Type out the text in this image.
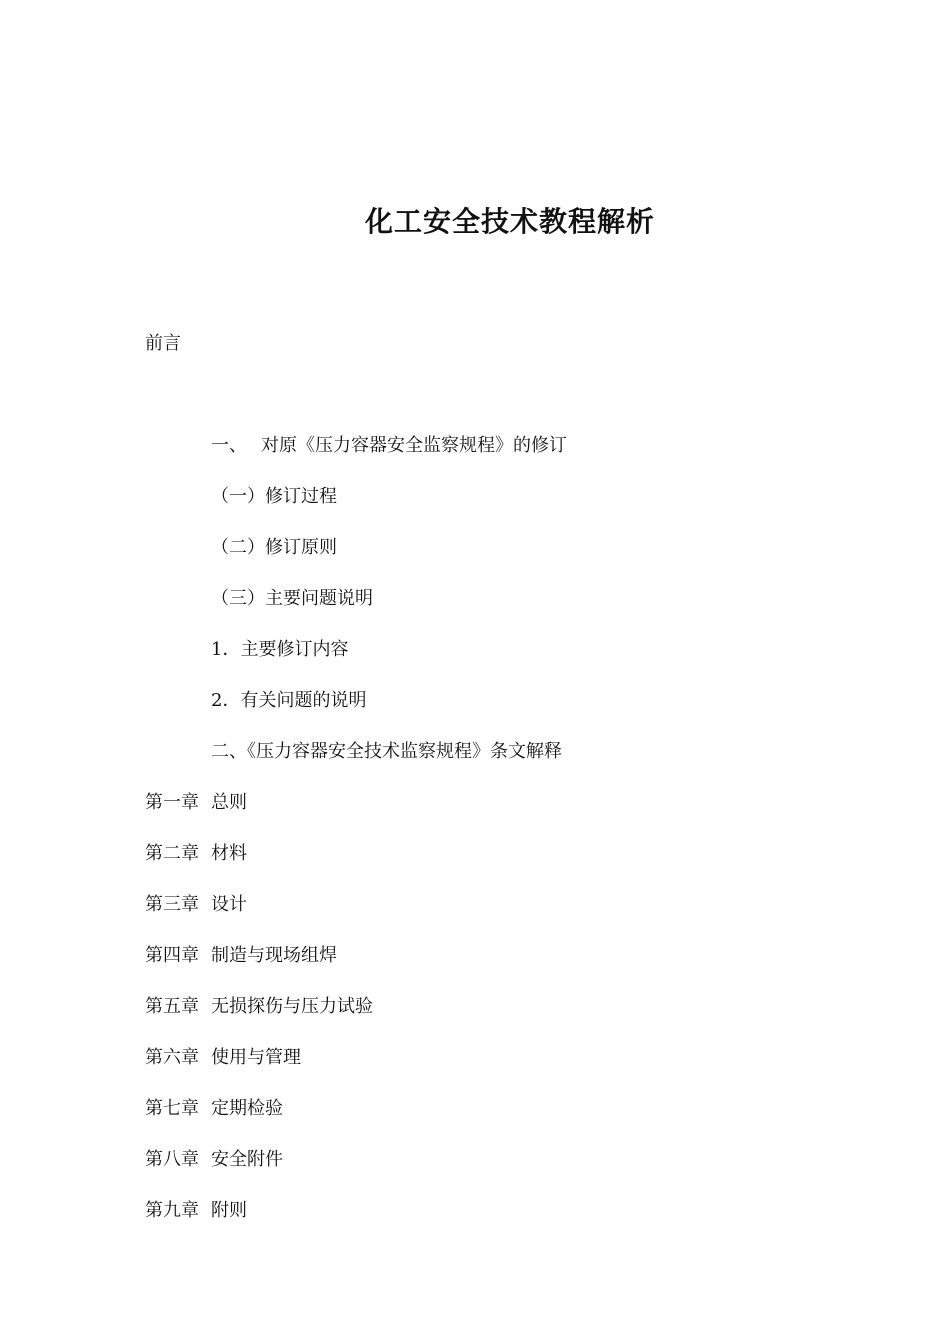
化工安全技术教程解析
前言
一、 对原《压力容器安全监察规程》的修订
（一）修订过程
（二）修订原则
（三）主要问题说明
1．主要修订内容
2．有关问题的说明
二、《压力容器安全技术监察规程》条文解释
第一章 总则
第二章 材料
第三章 设计
第四章 制造与现场组焊
第五章 无损探伤与压力试验
第六章 使用与管理
第七章 定期检验
第八章 安全附件
第九章 附则
